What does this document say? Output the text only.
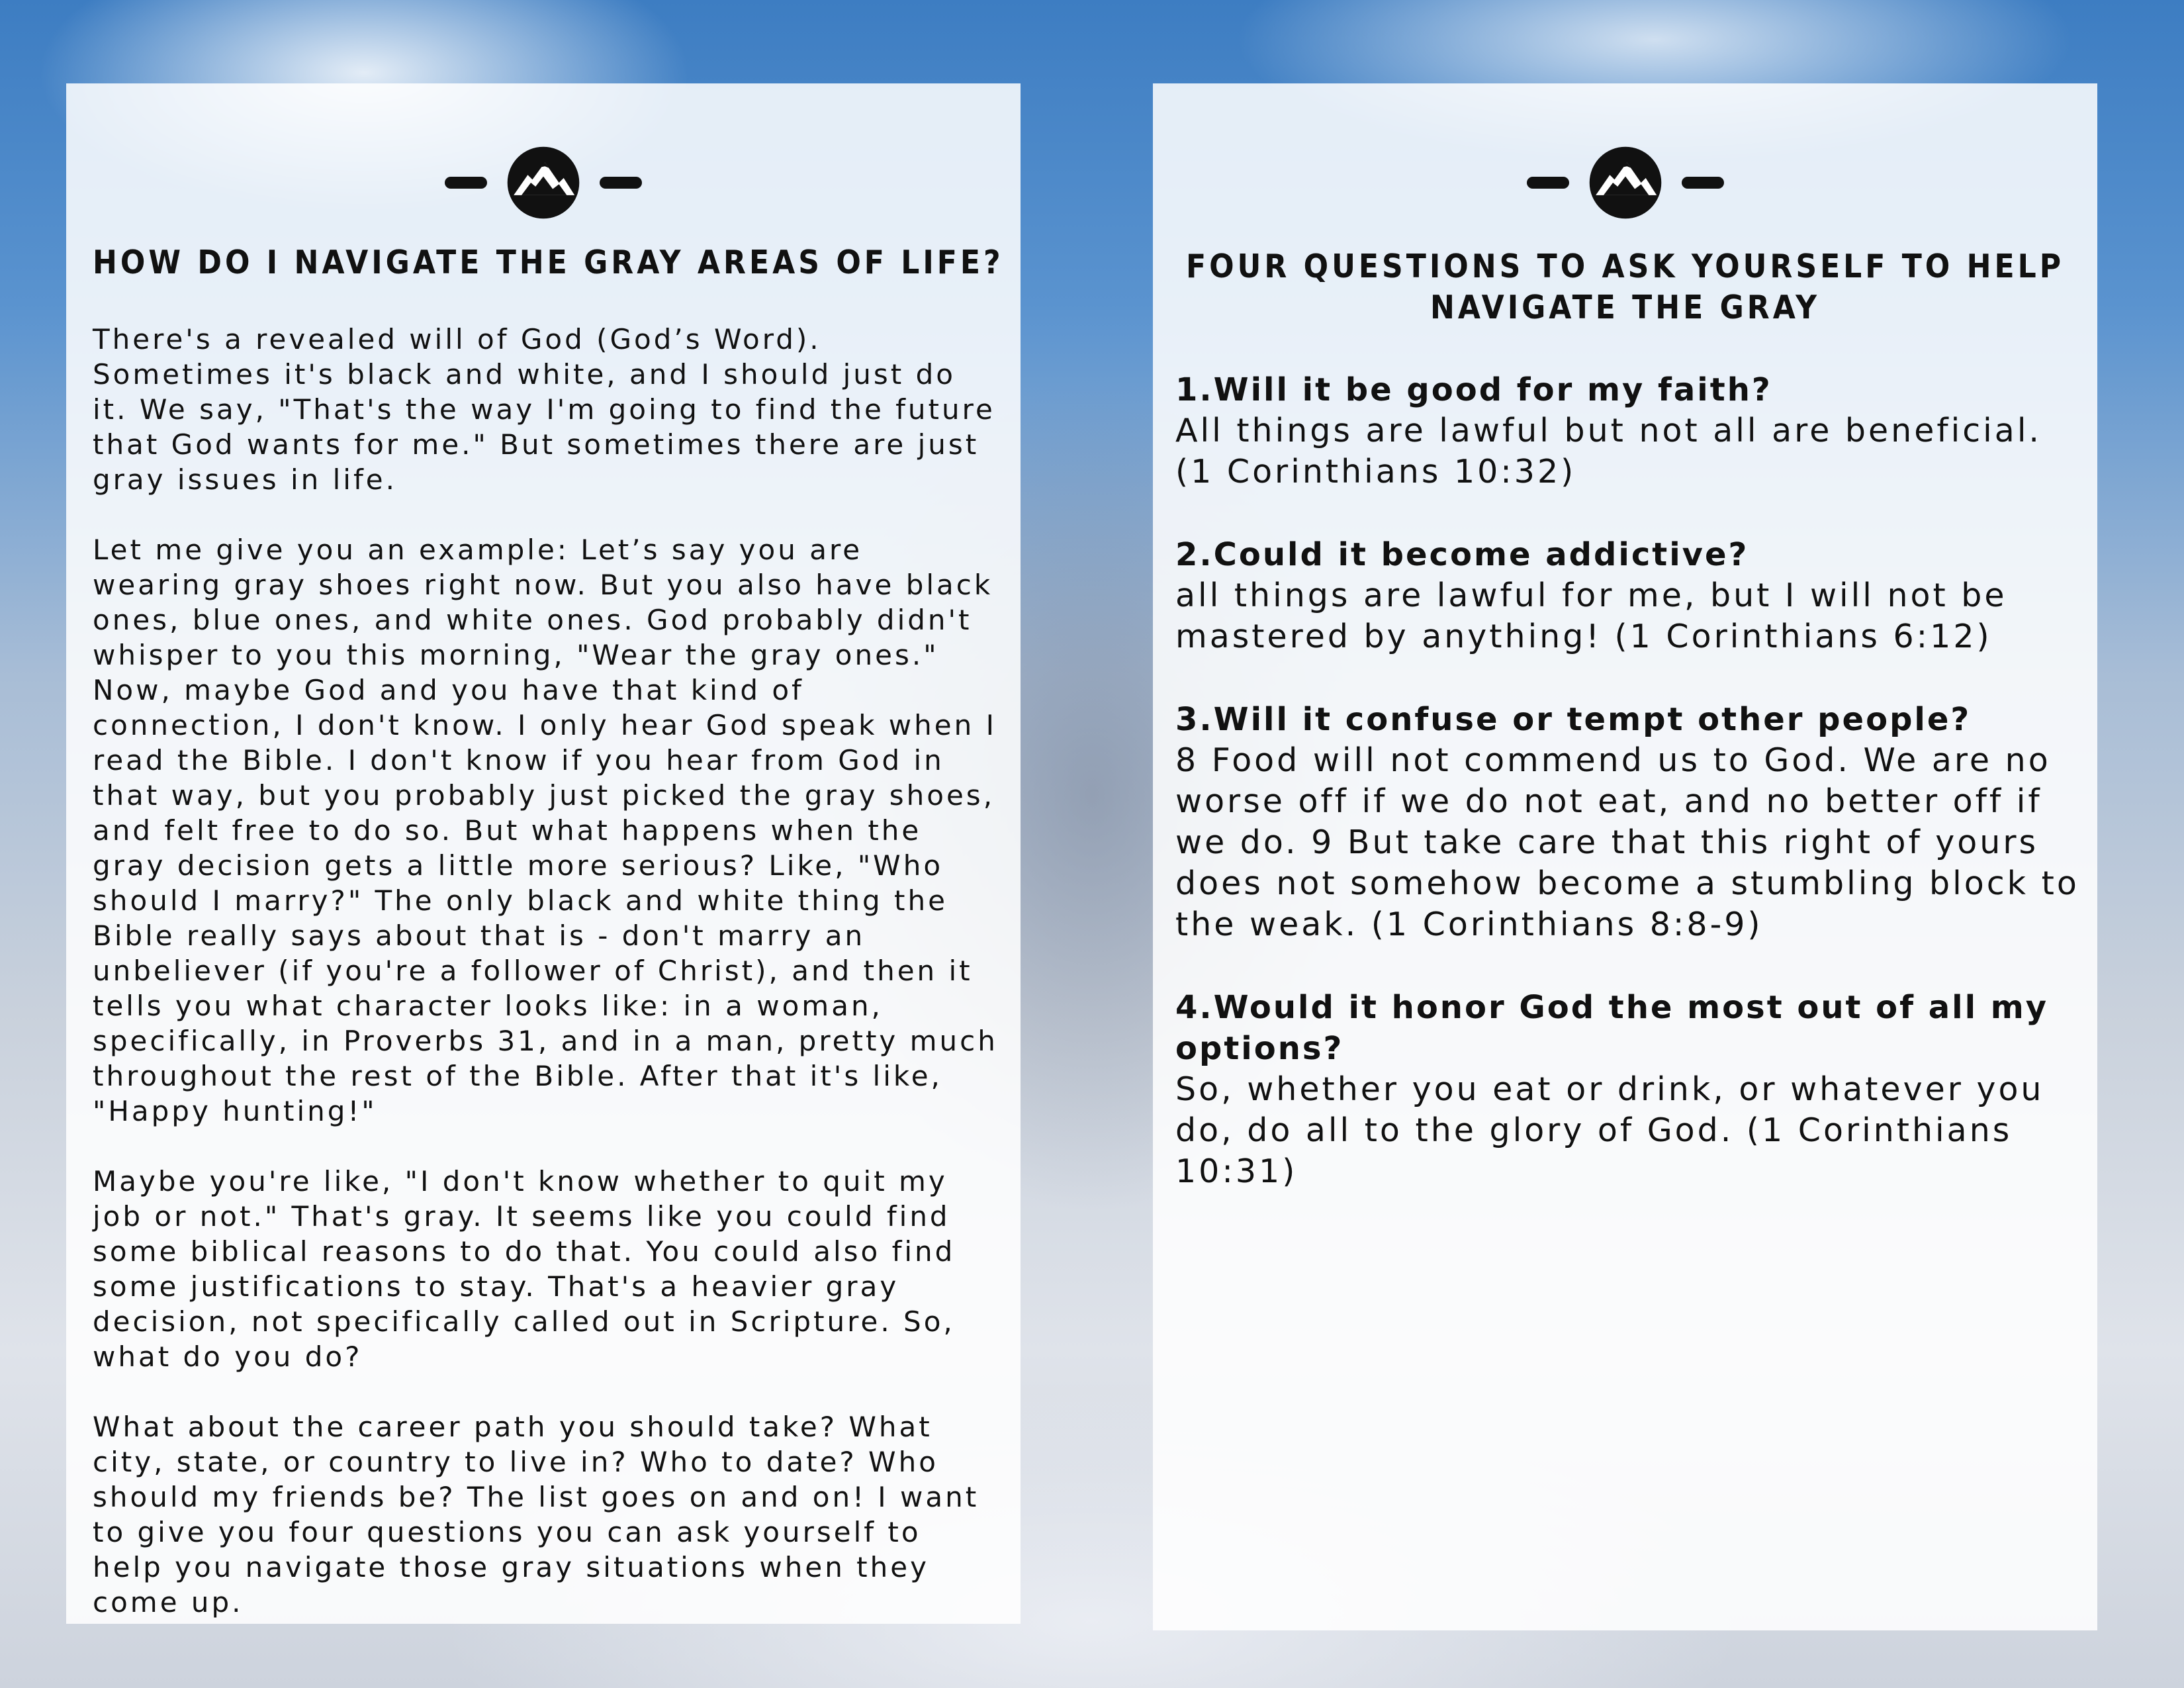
HOW DO I NAVIGATE THE GRAY AREAS OF LIFE?

There's a revealed will of God (God’s Word). Sometimes it's black and white, and I should just do it. We say, "That's the way I'm going to find the future that God wants for me." But sometimes there are just gray issues in life.

Let me give you an example: Let’s say you are wearing gray shoes right now. But you also have black ones, blue ones, and white ones. God probably didn't whisper to you this morning, "Wear the gray ones." Now, maybe God and you have that kind of connection, I don't know. I only hear God speak when I read the Bible. I don't know if you hear from God in that way, but you probably just picked the gray shoes, and felt free to do so. But what happens when the gray decision gets a little more serious? Like, "Who should I marry?" The only black and white thing the Bible really says about that is - don't marry an unbeliever (if you're a follower of Christ), and then it tells you what character looks like: in a woman, specifically, in Proverbs 31, and in a man, pretty much throughout the rest of the Bible. After that it's like, "Happy hunting!"

Maybe you're like, "I don't know whether to quit my job or not." That's gray. It seems like you could find some biblical reasons to do that. You could also find some justifications to stay. That's a heavier gray decision, not specifically called out in Scripture. So, what do you do?

What about the career path you should take? What city, state, or country to live in? Who to date? Who should my friends be? The list goes on and on! I want to give you four questions you can ask yourself to help you navigate those gray situations when they come up.

FOUR QUESTIONS TO ASK YOURSELF TO HELP NAVIGATE THE GRAY
1.Will it be good for my faith?
All things are lawful but not all are beneficial. (1 Corinthians 10:32)
2.Could it become addictive?
all things are lawful for me, but I will not be mastered by anything! (1 Corinthians 6:12)
3.Will it confuse or tempt other people?
8 Food will not commend us to God. We are no worse off if we do not eat, and no better off if we do. 9 But take care that this right of yours does not somehow become a stumbling block to the weak. (1 Corinthians 8:8-9)
4.Would it honor God the most out of all my options?
So, whether you eat or drink, or whatever you do, do all to the glory of God. (1 Corinthians 10:31)
